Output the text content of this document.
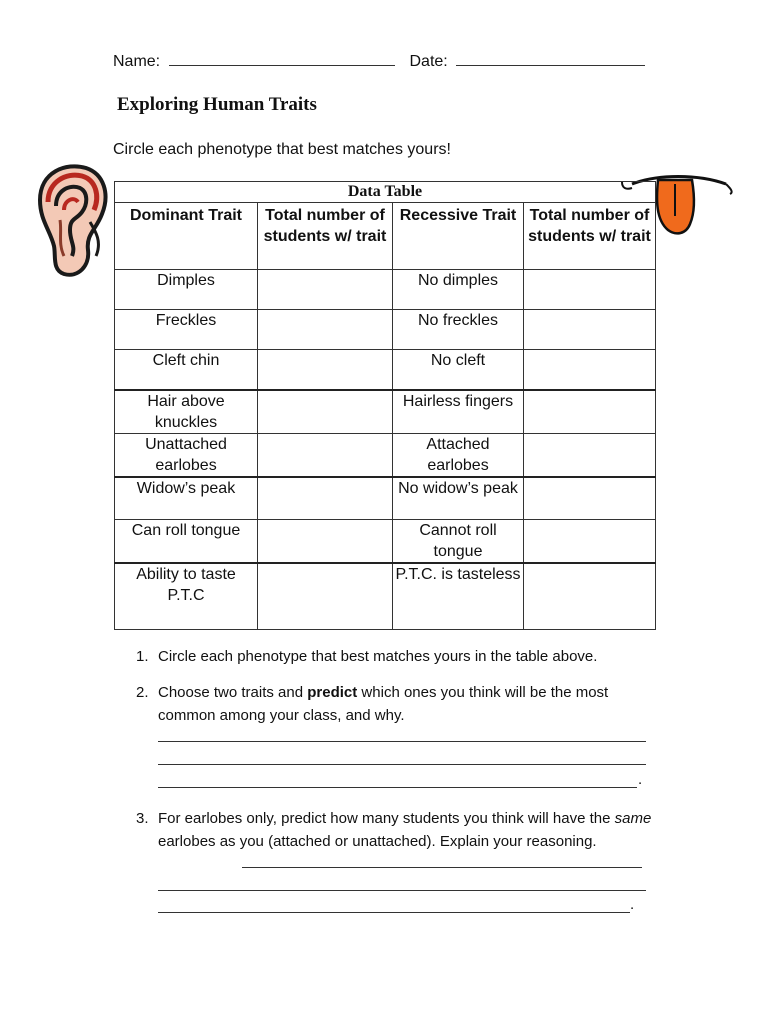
Name:	Date:
Exploring Human Traits
Circle each phenotype that best matches yours!
Data Table			
Dominant Trait	Total number of students w/ trait	Recessive Trait	Total number of students w/ trait
Dimples		No dimples	
Freckles		No freckles	
Cleft chin		No cleft	
Hair above knuckles		Hairless fingers	
Unattached earlobes		Attached earlobes	
Widow’s peak		No widow’s peak	
Can roll tongue		Cannot roll tongue	
Ability to taste P.T.C		P.T.C. is tasteless	
1. Circle each phenotype that best matches yours in the table above.
2. Choose two traits and predict which ones you think will be the most common among your class, and why.
.
3. For earlobes only, predict how many students you think will have the same earlobes as you (attached or unattached). Explain your reasoning.
.
